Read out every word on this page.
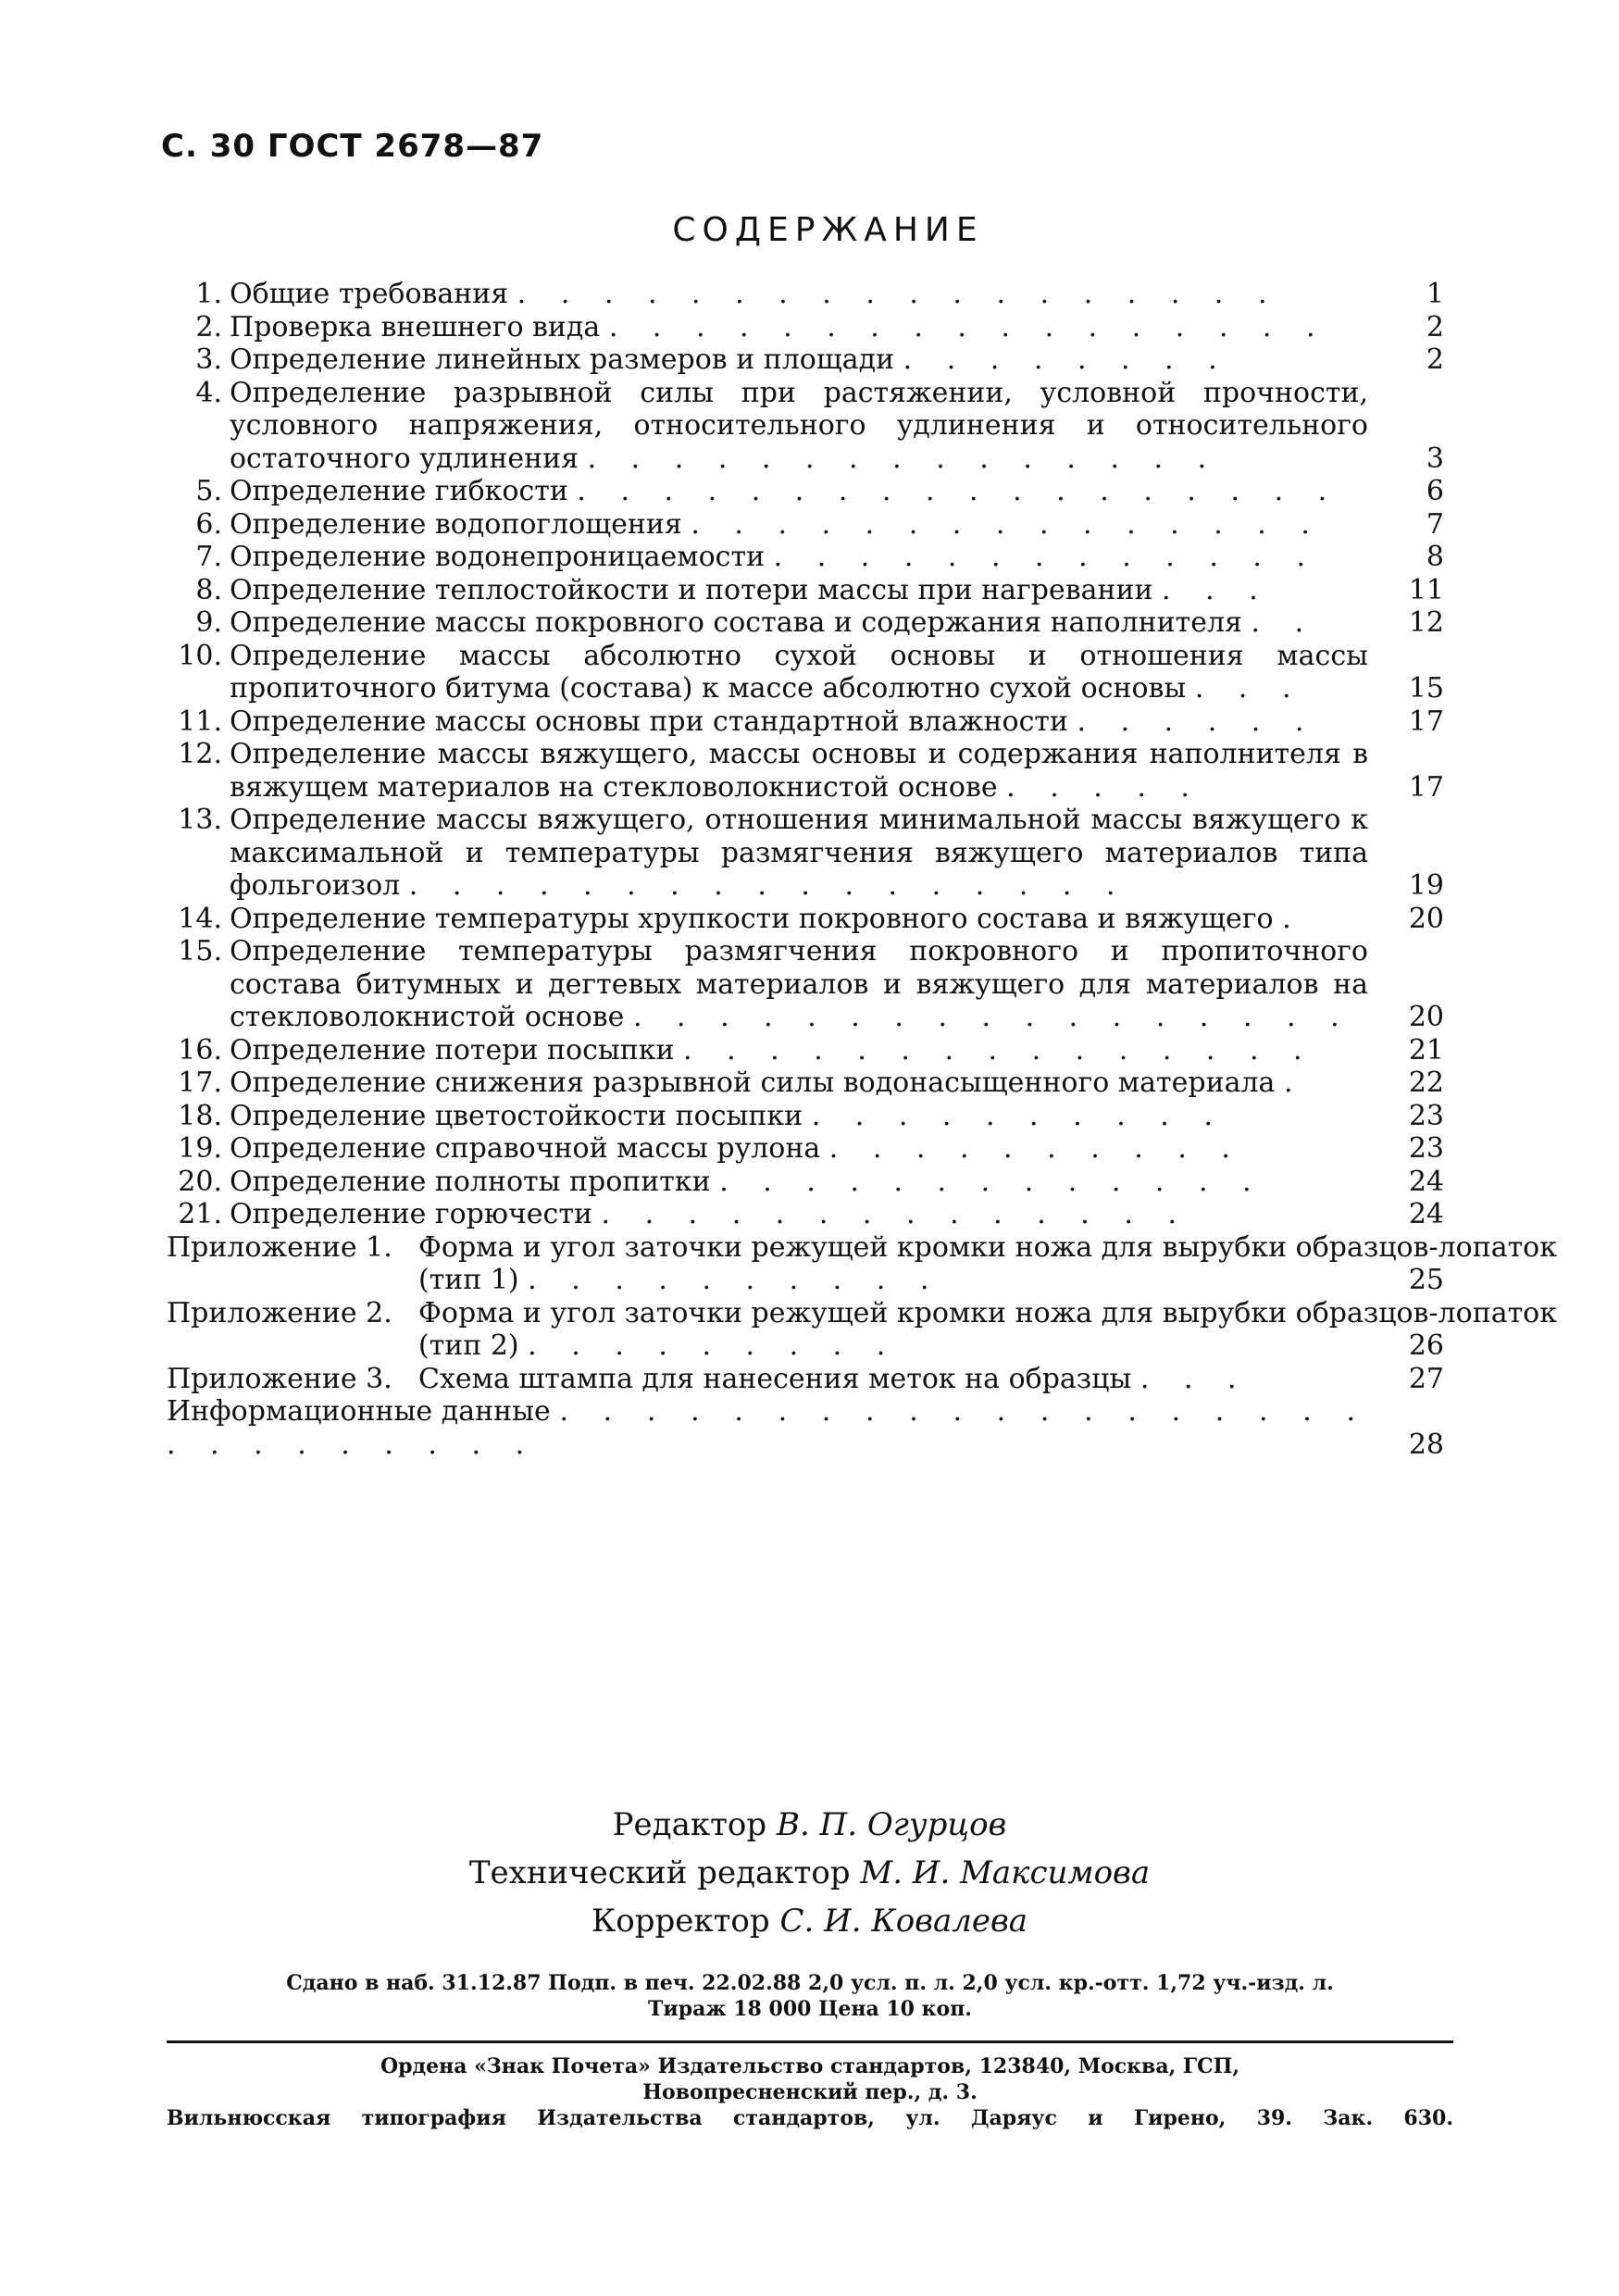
С. 30 ГОСТ 2678—87
СОДЕРЖАНИЕ
1. Общие требования . . . . . . . . . . . . . . . . . .	1
2. Проверка внешнего вида . . . . . . . . . . . . . . . . .	2
3. Определение линейных размеров и площади . . . . . . . .	2
4. Определение разрывной силы при растяжении, условной прочности, условного напряжения, относительного удлинения и относительного остаточного удлинения . . . . . . . . . . . . . . .	3
5. Определение гибкости . . . . . . . . . . . . . . . . . .	6
6. Определение водопоглощения . . . . . . . . . . . . . . .	7
7. Определение водонепроницаемости . . . . . . . . . . . . .	8
8. Определение теплостойкости и потери массы при нагревании . . .	11
9. Определение массы покровного состава и содержания наполнителя . .	12
10. Определение массы абсолютно сухой основы и отношения массы пропиточного битума (состава) к массе абсолютно сухой основы . . .	15
11. Определение массы основы при стандартной влажности . . . . . .	17
12. Определение массы вяжущего, массы основы и содержания наполнителя в вяжущем материалов на стекловолокнистой основе . . . . .	17
13. Определение массы вяжущего, отношения минимальной массы вяжущего к максимальной и температуры размягчения вяжущего материалов типа фольгоизол . . . . . . . . . . . . . . . . .	19
14. Определение температуры хрупкости покровного состава и вяжущего .	20
15. Определение температуры размягчения покровного и пропиточного состава битумных и дегтевых материалов и вяжущего для материалов на стекловолокнистой основе . . . . . . . . . . . . . . . . .	20
16. Определение потери посыпки . . . . . . . . . . . . . . .	21
17. Определение снижения разрывной силы водонасыщенного материала .	22
18. Определение цветостойкости посыпки . . . . . . . . . .	23
19. Определение справочной массы рулона . . . . . . . . . .	23
20. Определение полноты пропитки . . . . . . . . . . . . .	24
21. Определение горючести . . . . . . . . . . . . . .	24
Приложение 1. Форма и угол заточки режущей кромки ножа для вырубки образцов-лопаток (тип 1) . . . . . . . . . .	25
Приложение 2. Форма и угол заточки режущей кромки ножа для вырубки образцов-лопаток (тип 2) . . . . . . . . .	26
Приложение 3. Схема штампа для нанесения меток на образцы . . .	27
Информационные данные . . . . . . . . . . . . . . . . . . . . . . . . . . . .	28
Редактор В. П. Огурцов
Технический редактор М. И. Максимова
Корректор С. И. Ковалева
Сдано в наб. 31.12.87 Подп. в печ. 22.02.88 2,0 усл. п. л. 2,0 усл. кр.-отт. 1,72 уч.-изд. л.
Тираж 18 000 Цена 10 коп.
Ордена «Знак Почета» Издательство стандартов, 123840, Москва, ГСП,
Новопресненский пер., д. 3.
Вильнюсская типография Издательства стандартов, ул. Даряус и Гирено, 39. Зак. 630.
